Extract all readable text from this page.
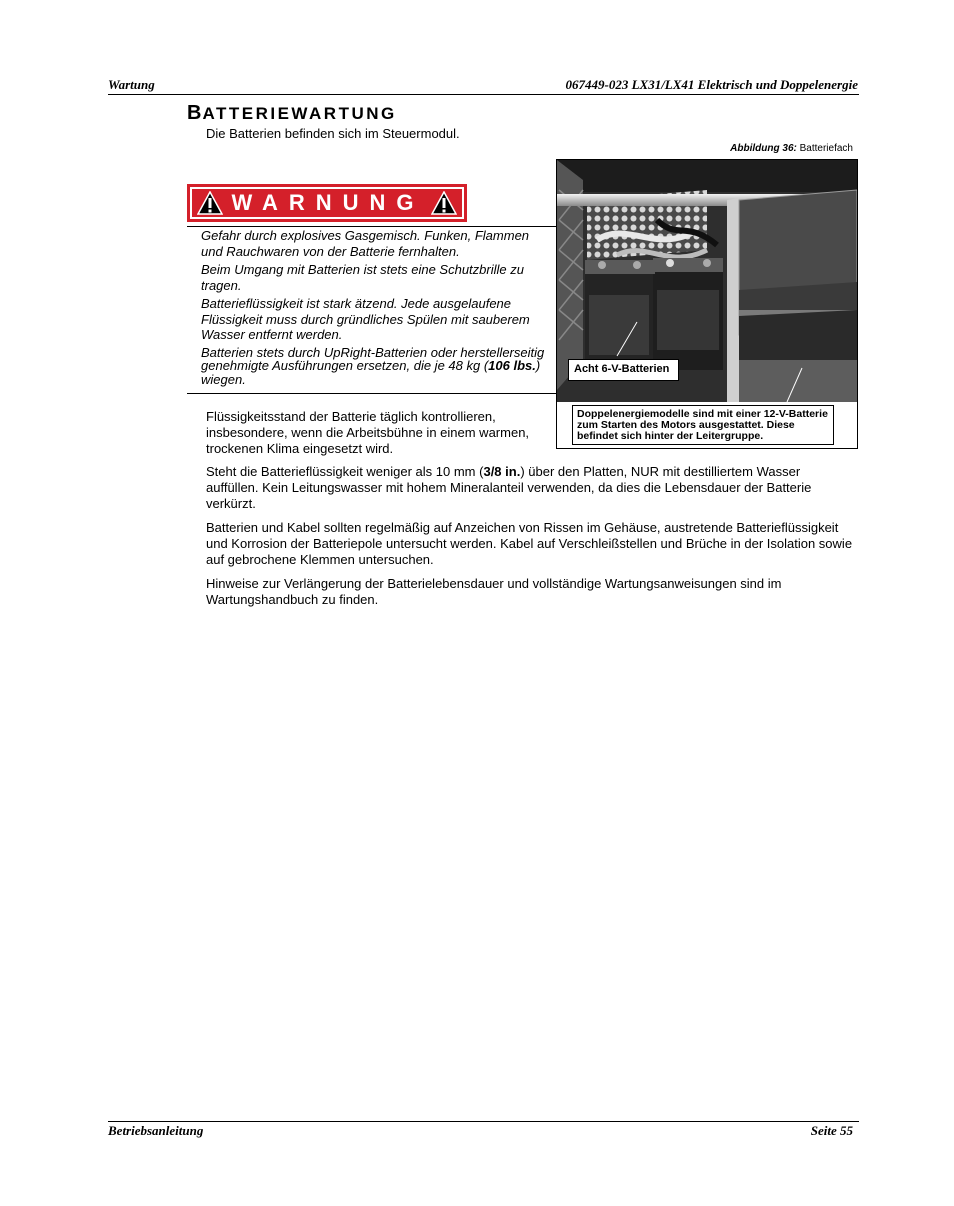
Wartung	067449-023 LX31/LX41 Elektrisch und Doppelenergie
BATTERIEWARTUNG
Die Batterien befinden sich im Steuermodul.
Abbildung 36: Batteriefach
WARNUNG

Gefahr durch explosives Gasgemisch. Funken, Flammen und Rauchwaren von der Batterie fernhalten.

Beim Umgang mit Batterien ist stets eine Schutzbrille zu tragen.

Batterieflüssigkeit ist stark ätzend. Jede ausgelaufene Flüssigkeit muss durch gründliches Spülen mit sauberem Wasser entfernt werden.

Batterien stets durch UpRight-Batterien oder herstellerseitig genehmigte Ausführungen ersetzen, die je 48 kg (106 lbs.) wiegen.

Acht 6-V-Batterien
Doppelenergiemodelle sind mit einer 12-V-Batterie zum Starten des Motors ausgestattet. Diese befindet sich hinter der Leitergruppe.

Flüssigkeitsstand der Batterie täglich kontrollieren, insbesondere, wenn die Arbeitsbühne in einem warmen, trockenen Klima eingesetzt wird.

Steht die Batterieflüssigkeit weniger als 10 mm (3/8 in.) über den Platten, NUR mit destilliertem Wasser auffüllen. Kein Leitungswasser mit hohem Mineralanteil verwenden, da dies die Lebensdauer der Batterie verkürzt.

Batterien und Kabel sollten regelmäßig auf Anzeichen von Rissen im Gehäuse, austretende Batterieflüssigkeit und Korrosion der Batteriepole untersucht werden. Kabel auf Verschleißstellen und Brüche in der Isolation sowie auf gebrochene Klemmen untersuchen.

Hinweise zur Verlängerung der Batterielebensdauer und vollständige Wartungsanweisungen sind im Wartungshandbuch zu finden.

Betriebsanleitung	Seite 55
